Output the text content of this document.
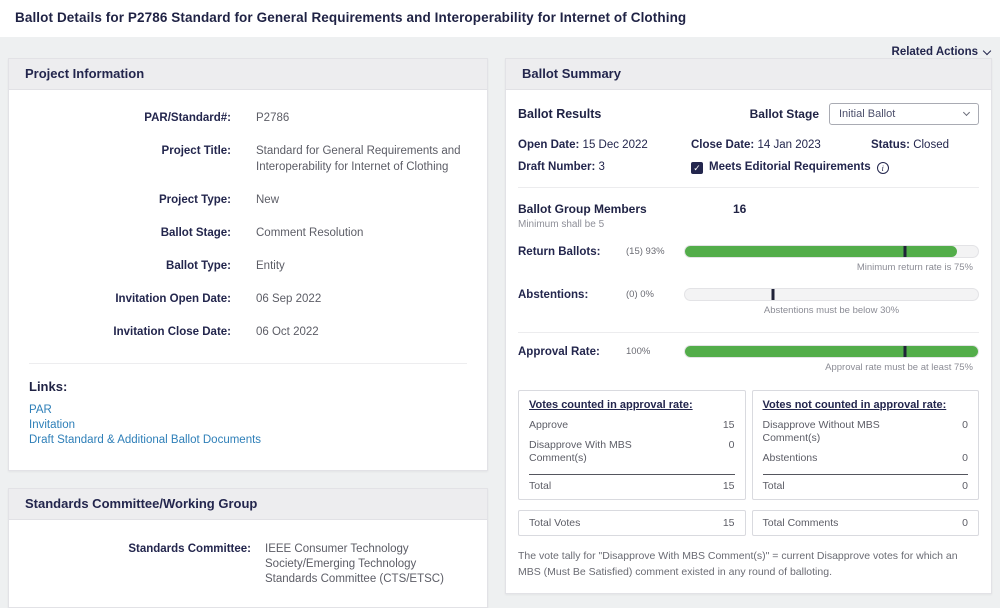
Ballot Details for P2786 Standard for General Requirements and Interoperability for Internet of Clothing
Related Actions
Project Information
PAR/Standard#: P2786
Project Title: Standard for General Requirements and Interoperability for Internet of Clothing
Project Type: New
Ballot Stage: Comment Resolution
Ballot Type: Entity
Invitation Open Date: 06 Sep 2022
Invitation Close Date: 06 Oct 2022
Links:
PAR
Invitation
Draft Standard & Additional Ballot Documents
Standards Committee/Working Group
Standards Committee: IEEE Consumer Technology Society/Emerging Technology Standards Committee (CTS/ETSC)
Ballot Summary
Ballot Results	Ballot Stage Initial Ballot
Open Date: 15 Dec 2022	Close Date: 14 Jan 2023	Status: Closed
Draft Number: 3 ✓	Meets Editorial Requirements
i
Ballot Group Members	16
Minimum shall be 5
Return Ballots:	(15) 93%
Minimum return rate is 75%
Abstentions:	(0) 0%
Abstentions must be below 30%
Approval Rate:	100%
Approval rate must be at least 75%
Votes counted in approval rate:
Approve	15
Disapprove With MBS Comment(s)
0
Total	15
Votes not counted in approval rate:
Disapprove Without MBS Comment(s)
0
Abstentions	0
Total	0
Total Votes	15	Total Comments	0
The vote tally for "Disapprove With MBS Comment(s)" = current Disapprove votes for which an MBS (Must Be Satisfied) comment existed in any round of balloting.
